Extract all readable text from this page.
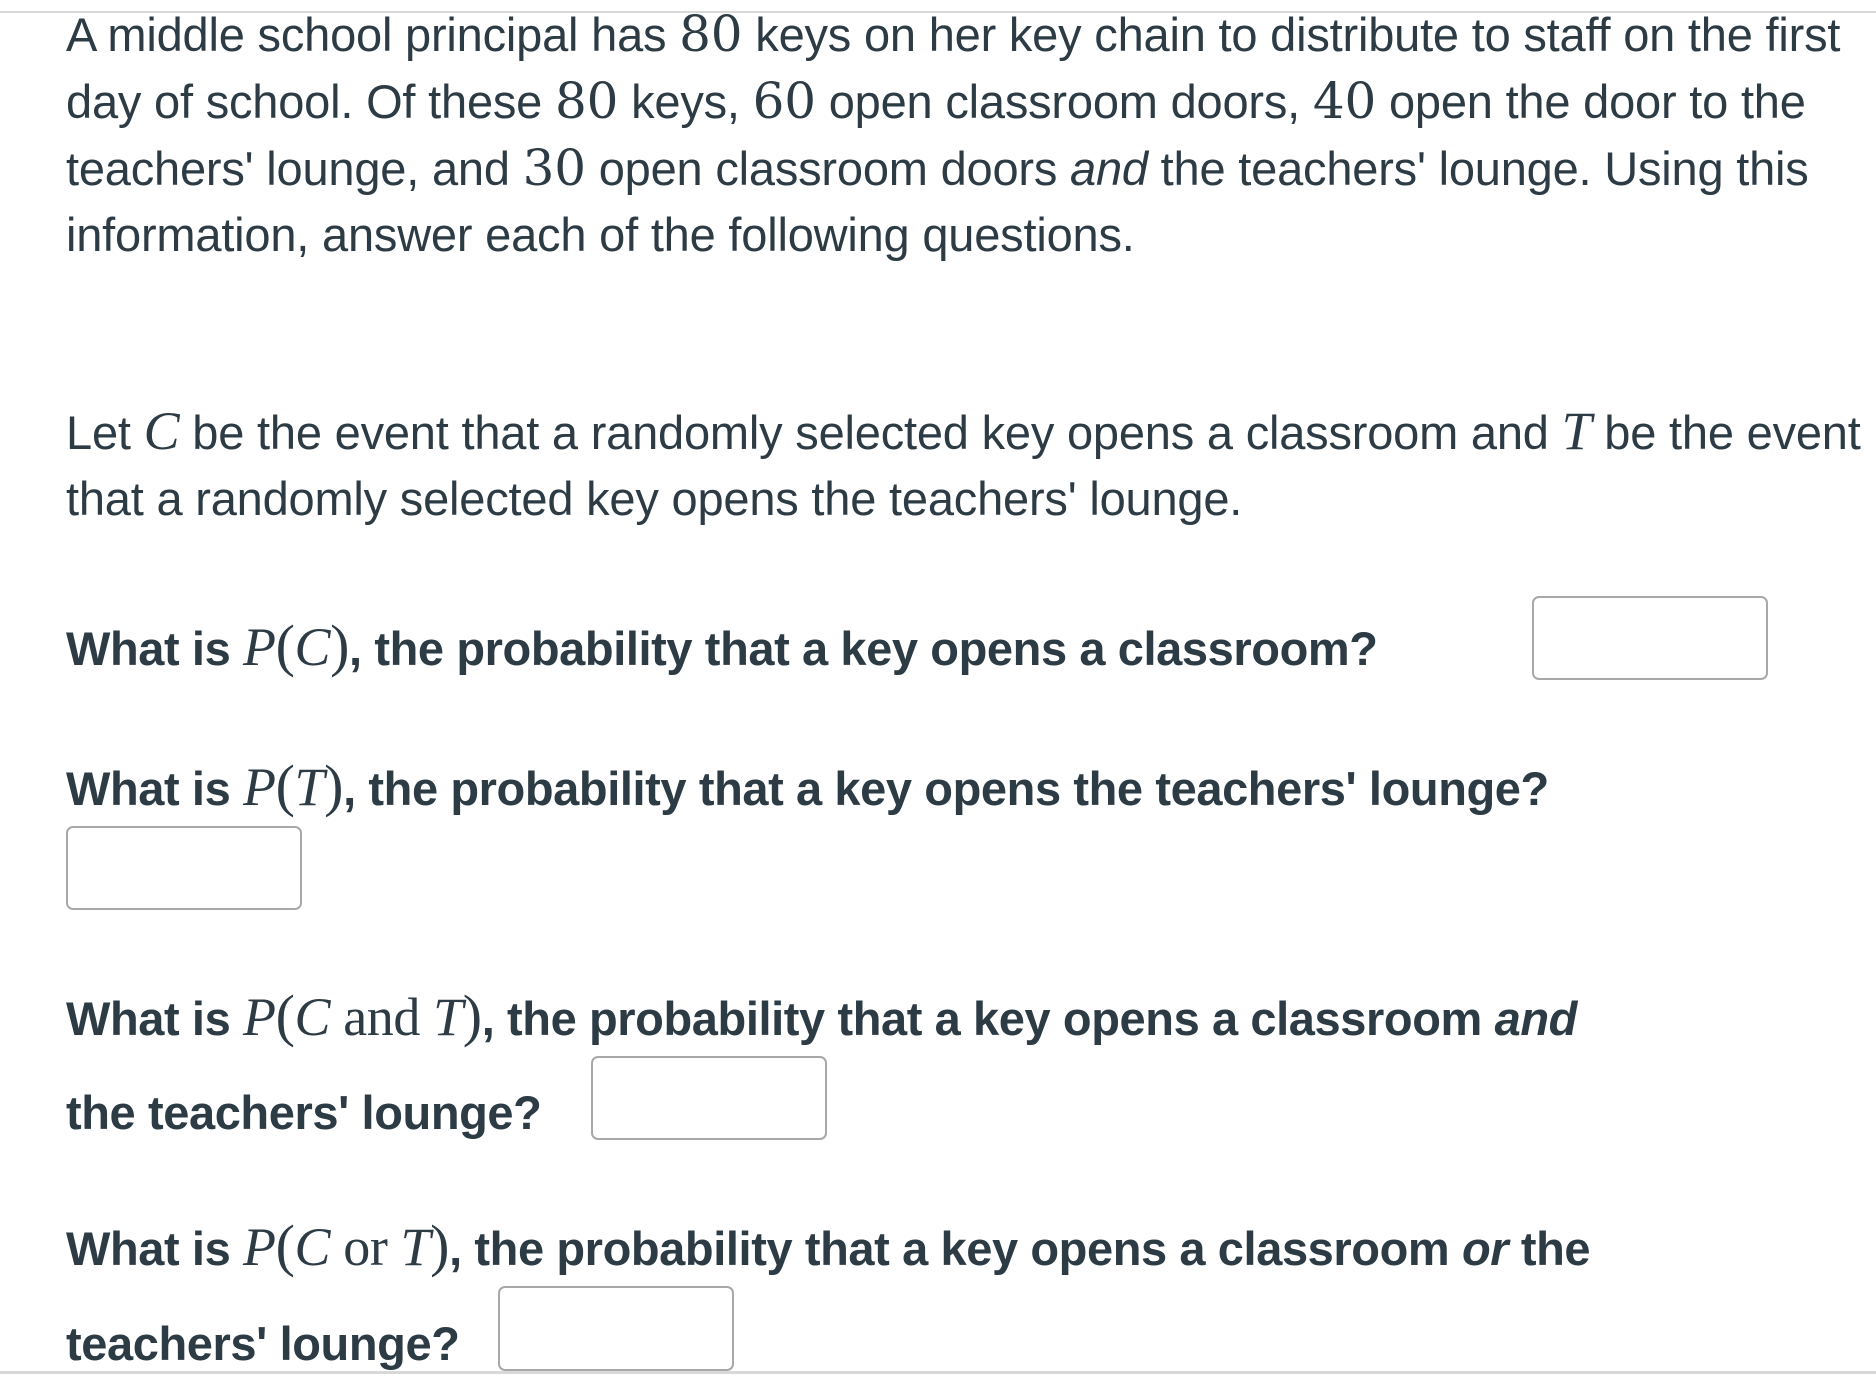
A middle school principal has 80 keys on her key chain to distribute to staff on the first day of school. Of these 80 keys, 60 open classroom doors, 40 open the door to the teachers' lounge, and 30 open classroom doors and the teachers' lounge. Using this information, answer each of the following questions.

Let C be the event that a randomly selected key opens a classroom and T be the event that a randomly selected key opens the teachers' lounge.

What is P(C), the probability that a key opens a classroom?

What is P(T), the probability that a key opens the teachers' lounge?

What is P(C and T), the probability that a key opens a classroom and

the teachers' lounge?

What is P(C or T), the probability that a key opens a classroom or the

teachers' lounge?
